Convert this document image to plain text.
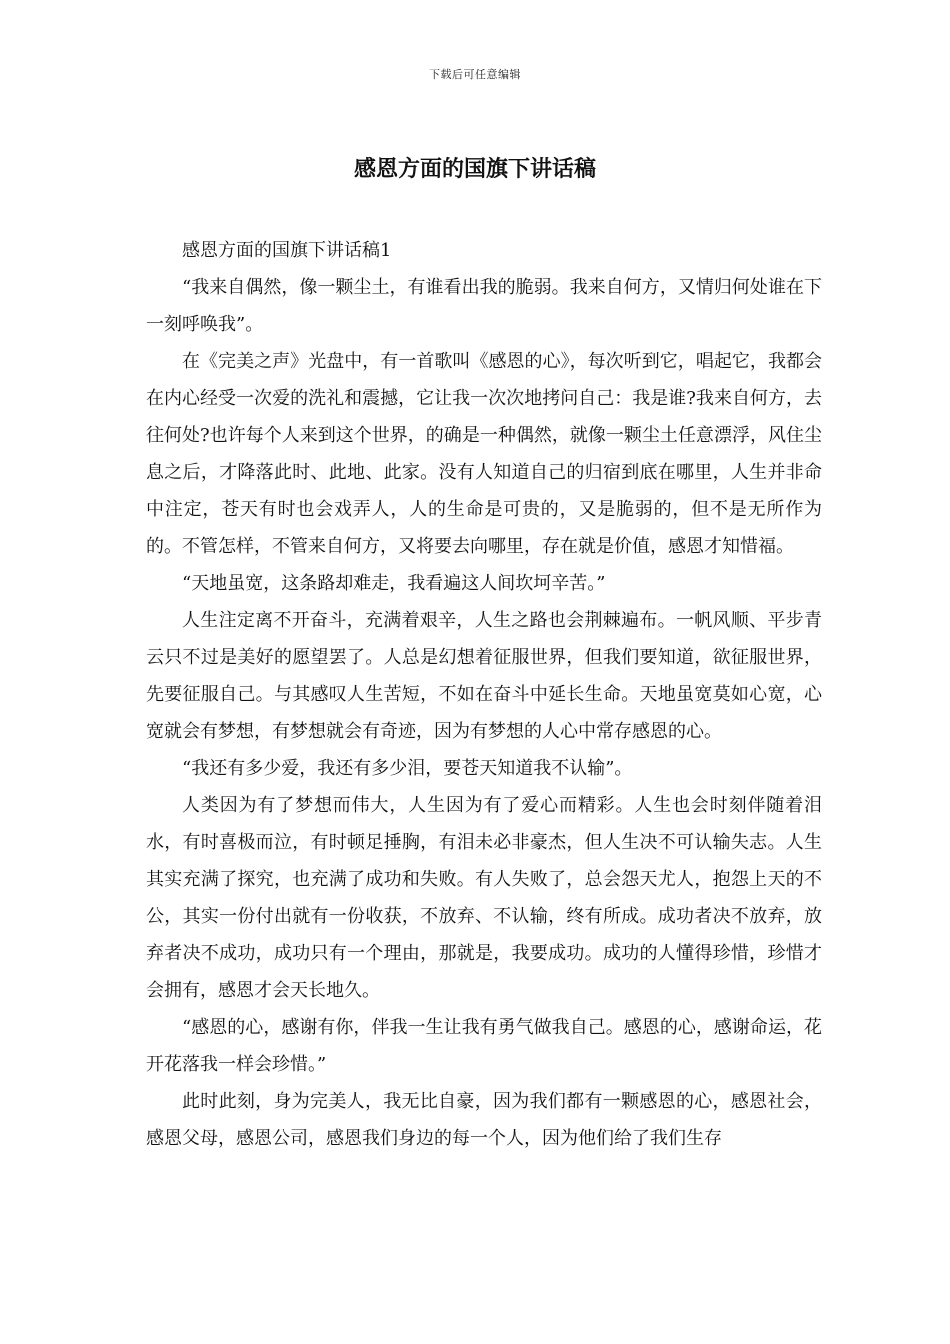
下载后可任意编辑
感恩方面的国旗下讲话稿

感恩方面的国旗下讲话稿1

“我来自偶然，像一颗尘土，有谁看出我的脆弱。我来自何方，又情归何处谁在下一刻呼唤我”。

在《完美之声》光盘中，有一首歌叫《感恩的心》，每次听到它，唱起它，我都会在内心经受一次爱的洗礼和震撼，它让我一次次地拷问自己：我是谁?我来自何方，去往何处?也许每个人来到这个世界，的确是一种偶然，就像一颗尘土任意漂浮，风住尘息之后，才降落此时、此地、此家。没有人知道自己的归宿到底在哪里，人生并非命中注定，苍天有时也会戏弄人，人的生命是可贵的，又是脆弱的，但不是无所作为的。不管怎样，不管来自何方，又将要去向哪里，存在就是价值，感恩才知惜福。

“天地虽宽，这条路却难走，我看遍这人间坎坷辛苦。”

人生注定离不开奋斗，充满着艰辛，人生之路也会荆棘遍布。一帆风顺、平步青云只不过是美好的愿望罢了。人总是幻想着征服世界，但我们要知道，欲征服世界，先要征服自己。与其感叹人生苦短，不如在奋斗中延长生命。天地虽宽莫如心宽，心宽就会有梦想，有梦想就会有奇迹，因为有梦想的人心中常存感恩的心。

“我还有多少爱，我还有多少泪，要苍天知道我不认输”。

人类因为有了梦想而伟大，人生因为有了爱心而精彩。人生也会时刻伴随着泪水，有时喜极而泣，有时顿足捶胸，有泪未必非豪杰，但人生决不可认输失志。人生其实充满了探究，也充满了成功和失败。有人失败了，总会怨天尤人，抱怨上天的不公，其实一份付出就有一份收获，不放弃、不认输，终有所成。成功者决不放弃，放弃者决不成功，成功只有一个理由，那就是，我要成功。成功的人懂得珍惜，珍惜才会拥有，感恩才会天长地久。

“感恩的心，感谢有你，伴我一生让我有勇气做我自己。感恩的心，感谢命运，花开花落我一样会珍惜。”

此时此刻，身为完美人，我无比自豪，因为我们都有一颗感恩的心，感恩社会，感恩父母，感恩公司，感恩我们身边的每一个人，因为他们给了我们生存
